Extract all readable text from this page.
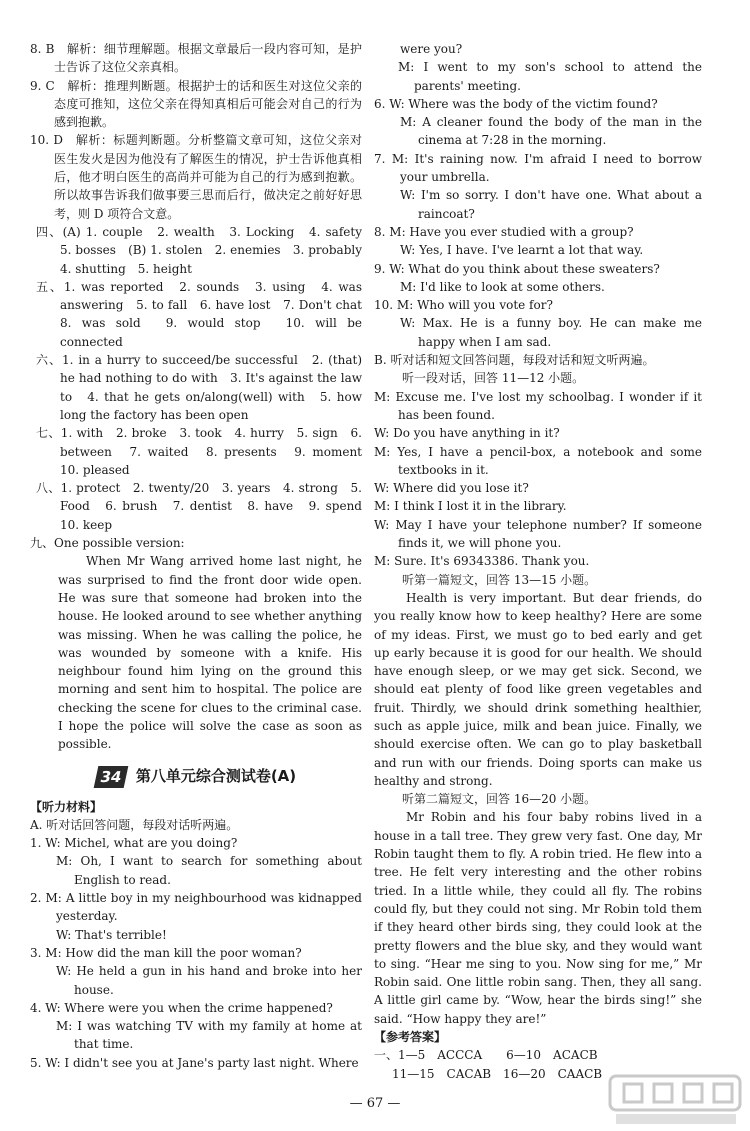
8. B　解析：细节理解题。根据文章最后一段内容可知，是护士告诉了这位父亲真相。

9. C　解析：推理判断题。根据护士的话和医生对这位父亲的态度可推知，这位父亲在得知真相后可能会对自己的行为感到抱歉。

10. D　解析：标题判断题。分析整篇文章可知，这位父亲对医生发火是因为他没有了解医生的情况，护士告诉他真相后，他才明白医生的高尚并可能为自己的行为感到抱歉。所以故事告诉我们做事要三思而后行，做决定之前好好思考，则 D 项符合文意。

四、(A) 1. couple　2. wealth　3. Locking　4. safety　5. bosses　(B) 1. stolen　2. enemies　3. probably　4. shutting　5. height

五、1. was reported　2. sounds　3. using　4. was answering　5. to fall　6. have lost　7. Don't chat　8. was sold　9. would stop　10. will be connected

六、1. in a hurry to succeed/be successful　2. (that) he had nothing to do with　3. It's against the law to　4. that he gets on/along(well) with　5. how long the factory has been open

七、1. with　2. broke　3. took　4. hurry　5. sign　6. between　7. waited　8. presents　9. moment　10. pleased

八、1. protect　2. twenty/20　3. years　4. strong　5. Food　6. brush　7. dentist　8. have　9. spend　10. keep

九、One possible version:

When Mr Wang arrived home last night, he was surprised to find the front door wide open. He was sure that someone had broken into the house. He looked around to see whether anything was missing. When he was calling the police, he was wounded by someone with a knife. His neighbour found him lying on the ground this morning and sent him to hospital. The police are checking the scene for clues to the criminal case. I hope the police will solve the case as soon as possible.

34 第八单元综合测试卷(A)

【听力材料】

A. 听对话回答问题，每段对话听两遍。

1. W: Michel, what are you doing?

M: Oh, I want to search for something about English to read.

2. M: A little boy in my neighbourhood was kidnapped yesterday.

W: That's terrible!

3. M: How did the man kill the poor woman?

W: He held a gun in his hand and broke into her house.

4. W: Where were you when the crime happened?

M: I was watching TV with my family at home at that time.

5. W: I didn't see you at Jane's party last night. Where

were you?

M: I went to my son's school to attend the parents' meeting.

6. W: Where was the body of the victim found?

M: A cleaner found the body of the man in the cinema at 7:28 in the morning.

7. M: It's raining now. I'm afraid I need to borrow your umbrella.

W: I'm so sorry. I don't have one. What about a raincoat?

8. M: Have you ever studied with a group?

W: Yes, I have. I've learnt a lot that way.

9. W: What do you think about these sweaters?

M: I'd like to look at some others.

10. M: Who will you vote for?

W: Max. He is a funny boy. He can make me happy when I am sad.

B. 听对话和短文回答问题，每段对话和短文听两遍。

听一段对话，回答 11—12 小题。

M: Excuse me. I've lost my schoolbag. I wonder if it has been found.

W: Do you have anything in it?

M: Yes, I have a pencil-box, a notebook and some textbooks in it.

W: Where did you lose it?

M: I think I lost it in the library.

W: May I have your telephone number? If someone finds it, we will phone you.

M: Sure. It's 69343386. Thank you.

听第一篇短文，回答 13—15 小题。

Health is very important. But dear friends, do you really know how to keep healthy? Here are some of my ideas. First, we must go to bed early and get up early because it is good for our health. We should have enough sleep, or we may get sick. Second, we should eat plenty of food like green vegetables and fruit. Thirdly, we should drink something healthier, such as apple juice, milk and bean juice. Finally, we should exercise often. We can go to play basketball and run with our friends. Doing sports can make us healthy and strong.

听第二篇短文，回答 16—20 小题。

Mr Robin and his four baby robins lived in a house in a tall tree. They grew very fast. One day, Mr Robin taught them to fly. A robin tried. He flew into a tree. He felt very interesting and the other robins tried. In a little while, they could all fly. The robins could fly, but they could not sing. Mr Robin told them if they heard other birds sing, they could look at the pretty flowers and the blue sky, and they would want to sing. “Hear me sing to you. Now sing for me,” Mr Robin said. One little robin sang. Then, they all sang. A little girl came by. “Wow, hear the birds sing!” she said. “How happy they are!”

【参考答案】

一、1—5　ACCCA　　6—10　ACACB

11—15　CACAB　16—20　CAACB

— 67 —
